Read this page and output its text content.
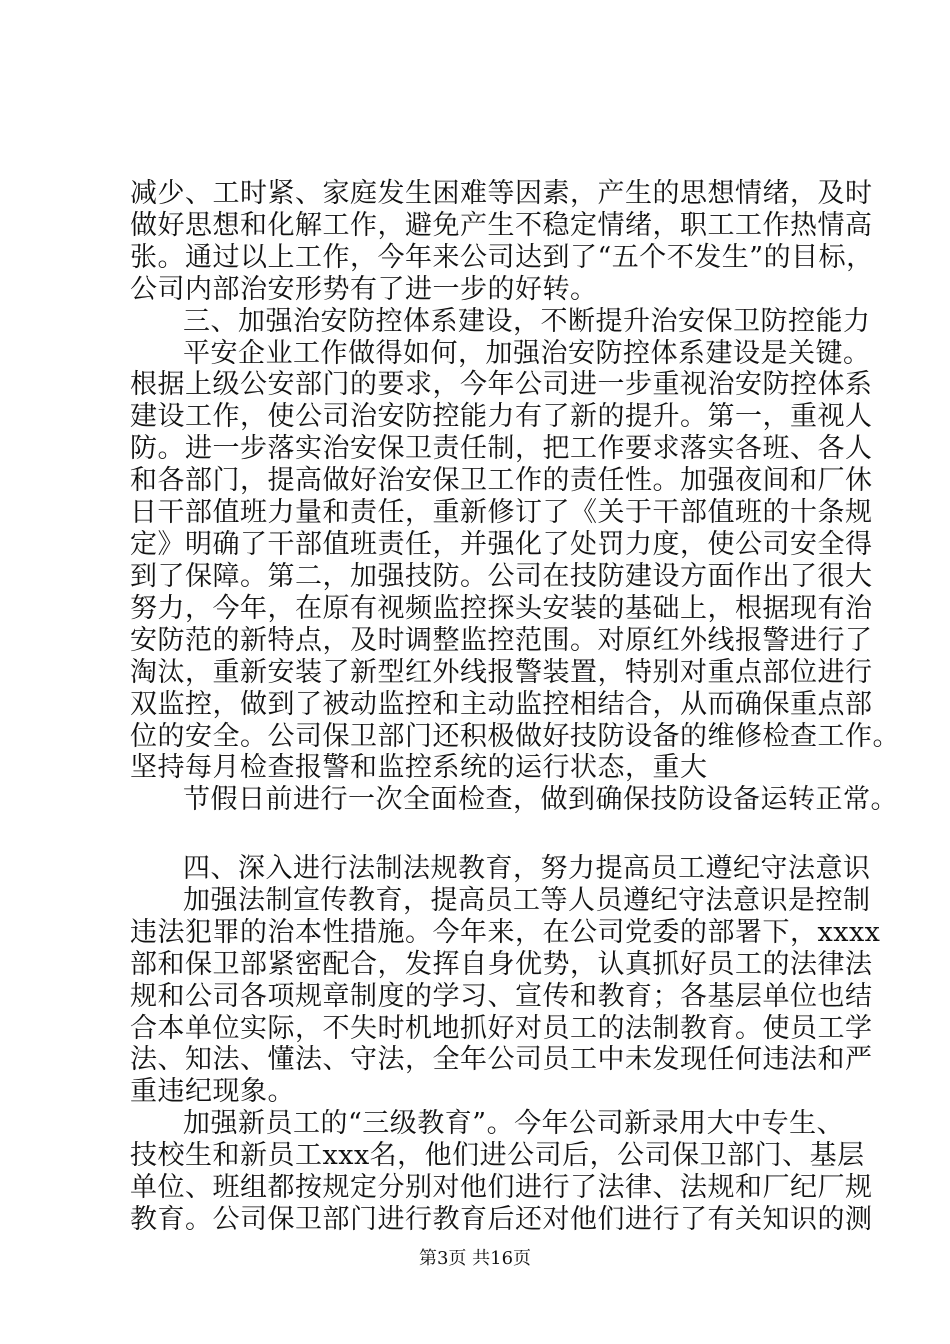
减少、工时紧、家庭发生困难等因素，产生的思想情绪，及时
做好思想和化解工作，避免产生不稳定情绪，职工工作热情高
张。通过以上工作，今年来公司达到了“五个不发生”的目标，
公司内部治安形势有了进一步的好转。
三、加强治安防控体系建设，不断提升治安保卫防控能力
平安企业工作做得如何，加强治安防控体系建设是关键。
根据上级公安部门的要求，今年公司进一步重视治安防控体系
建设工作，使公司治安防控能力有了新的提升。第一，重视人
防。进一步落实治安保卫责任制，把工作要求落实各班、各人
和各部门，提高做好治安保卫工作的责任性。加强夜间和厂休
日干部值班力量和责任，重新修订了《关于干部值班的十条规
定》明确了干部值班责任，并强化了处罚力度，使公司安全得
到了保障。第二，加强技防。公司在技防建设方面作出了很大
努力，今年，在原有视频监控探头安装的基础上，根据现有治
安防范的新特点，及时调整监控范围。对原红外线报警进行了
淘汰，重新安装了新型红外线报警装置，特别对重点部位进行
双监控，做到了被动监控和主动监控相结合，从而确保重点部
位的安全。公司保卫部门还积极做好技防设备的维修检查工作。
坚持每月检查报警和监控系统的运行状态，重大
节假日前进行一次全面检查，做到确保技防设备运转正常。
四、深入进行法制法规教育，努力提高员工遵纪守法意识
加强法制宣传教育，提高员工等人员遵纪守法意识是控制
违法犯罪的治本性措施。今年来，在公司党委的部署下，xxxx
部和保卫部紧密配合，发挥自身优势，认真抓好员工的法律法
规和公司各项规章制度的学习、宣传和教育；各基层单位也结
合本单位实际，不失时机地抓好对员工的法制教育。使员工学
法、知法、懂法、守法，全年公司员工中未发现任何违法和严
重违纪现象。
加强新员工的“三级教育”。今年公司新录用大中专生、
技校生和新员工xxx名，他们进公司后，公司保卫部门、基层
单位、班组都按规定分别对他们进行了法律、法规和厂纪厂规
教育。公司保卫部门进行教育后还对他们进行了有关知识的测
第3页 共16页
